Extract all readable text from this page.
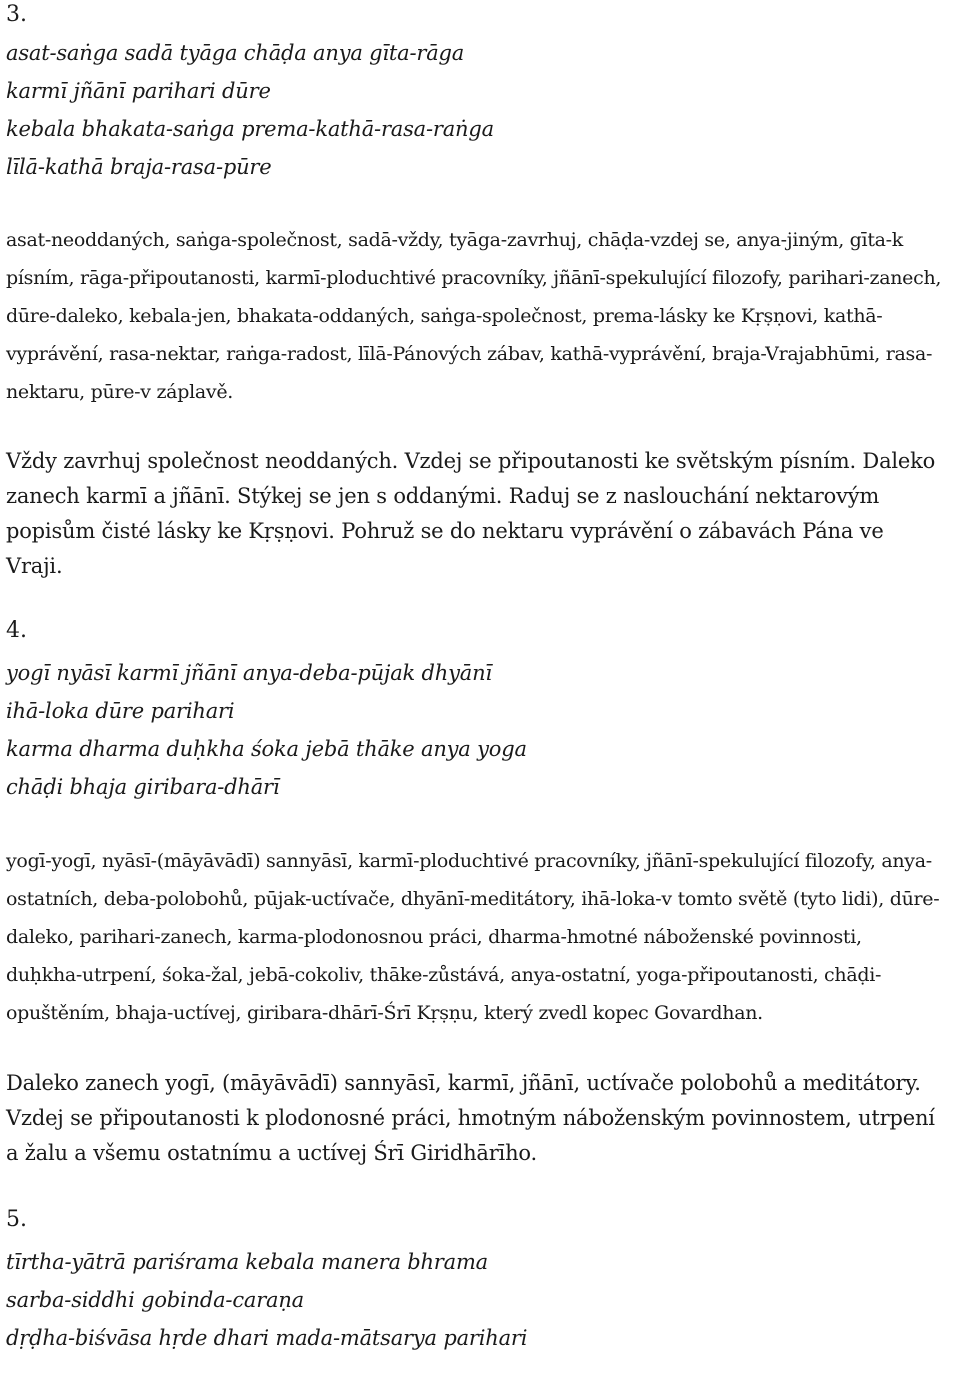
3.

asat-saṅga sadā tyāga chāḍa anya gīta-rāga
karmī jñānī parihari dūre
kebala bhakata-saṅga prema-kathā-rasa-raṅga
līlā-kathā braja-rasa-pūre

asat-neoddaných, saṅga-společnost, sadā-vždy, tyāga-zavrhuj, chāḍa-vzdej se, anya-jiným, gīta-k písním, rāga-připoutanosti, karmī-ploduchtivé pracovníky, jñānī-spekulující filozofy, parihari-zanech, dūre-daleko, kebala-jen, bhakata-oddaných, saṅga-společnost, prema-lásky ke Kṛṣṇovi, kathā-vyprávění, rasa-nektar, raṅga-radost, līlā-Pánových zábav, kathā-vyprávění, braja-Vrajabhūmi, rasa-nektaru, pūre-v záplavě.

Vždy zavrhuj společnost neoddaných. Vzdej se připoutanosti ke světským písním. Daleko zanech karmī a jñānī. Stýkej se jen s oddanými. Raduj se z naslouchání nektarovým popisům čisté lásky ke Kṛṣṇovi. Pohruž se do nektaru vyprávění o zábavách Pána ve Vraji.

4.

yogī nyāsī karmī jñānī anya-deba-pūjak dhyānī
ihā-loka dūre parihari
karma dharma duḥkha śoka jebā thāke anya yoga
chāḍi bhaja giribara-dhārī

yogī-yogī, nyāsī-(māyāvādī) sannyāsī, karmī-ploduchtivé pracovníky, jñānī-spekulující filozofy, anya-ostatních, deba-polobohů, pūjak-uctívače, dhyānī-meditátory, ihā-loka-v tomto světě (tyto lidi), dūre-daleko, parihari-zanech, karma-plodonosnou práci, dharma-hmotné náboženské povinnosti, duḥkha-utrpení, śoka-žal, jebā-cokoliv, thāke-zůstává, anya-ostatní, yoga-připoutanosti, chāḍi-opuštěním, bhaja-uctívej, giribara-dhārī-Śrī Kṛṣṇu, který zvedl kopec Govardhan.

Daleko zanech yogī, (māyāvādī) sannyāsī, karmī, jñānī, uctívače polobohů a meditátory. Vzdej se připoutanosti k plodonosné práci, hmotným náboženským povinnostem, utrpení a žalu a všemu ostatnímu a uctívej Śrī Giridhārīho.

5.

tīrtha-yātrā pariśrama kebala manera bhrama
sarba-siddhi gobinda-caraṇa
dṛḍha-biśvāsa hṛde dhari mada-mātsarya parihari
